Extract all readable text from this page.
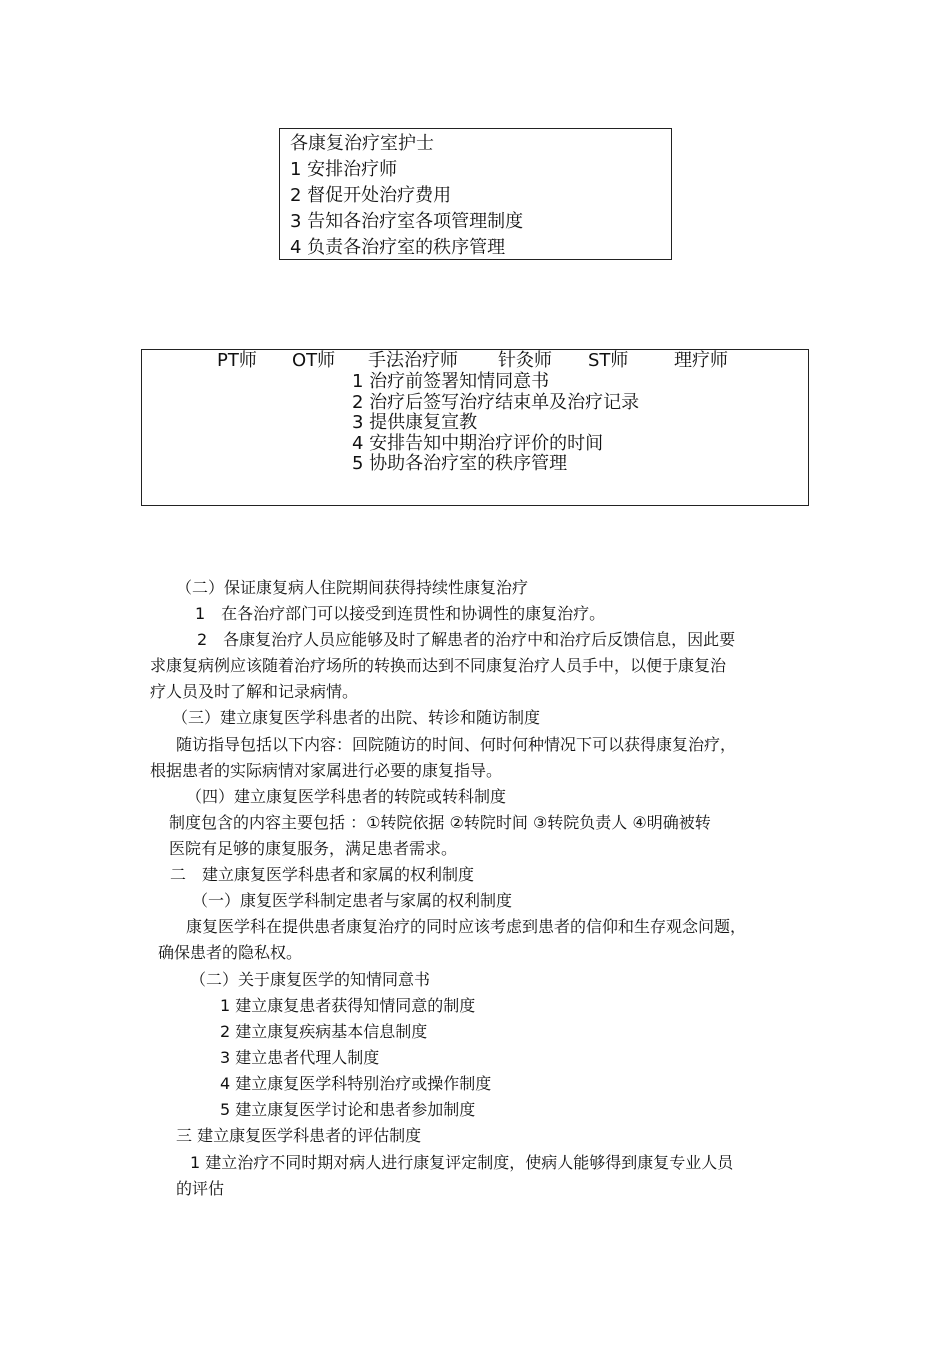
各康复治疗室护士
1 安排治疗师
2 督促开处治疗费用
3 告知各治疗室各项管理制度
4 负责各治疗室的秩序管理
PT师 OT师 手法治疗师 针灸师 ST师	理疗师
1 治疗前签署知情同意书
2 治疗后签写治疗结束单及治疗记录
3 提供康复宣教
4 安排告知中期治疗评价的时间
5 协助各治疗室的秩序管理
（二）保证康复病人住院期间获得持续性康复治疗
1　在各治疗部门可以接受到连贯性和协调性的康复治疗。
2　各康复治疗人员应能够及时了解患者的治疗中和治疗后反馈信息，因此要
求康复病例应该随着治疗场所的转换而达到不同康复治疗人员手中，以便于康复治
疗人员及时了解和记录病情。
（三）建立康复医学科患者的出院、转诊和随访制度
随访指导包括以下内容：回院随访的时间、何时何种情况下可以获得康复治疗，
根据患者的实际病情对家属进行必要的康复指导。
（四）建立康复医学科患者的转院或转科制度
制度包含的内容主要包括 ：①转院依据 ②转院时间 ③转院负责人 ④明确被转
医院有足够的康复服务，满足患者需求。
二　建立康复医学科患者和家属的权利制度
（一）康复医学科制定患者与家属的权利制度
康复医学科在提供患者康复治疗的同时应该考虑到患者的信仰和生存观念问题，
确保患者的隐私权。
（二）关于康复医学的知情同意书
1 建立康复患者获得知情同意的制度
2 建立康复疾病基本信息制度
3 建立患者代理人制度
4 建立康复医学科特别治疗或操作制度
5 建立康复医学讨论和患者参加制度
三 建立康复医学科患者的评估制度
1 建立治疗不同时期对病人进行康复评定制度，使病人能够得到康复专业人员
的评估
